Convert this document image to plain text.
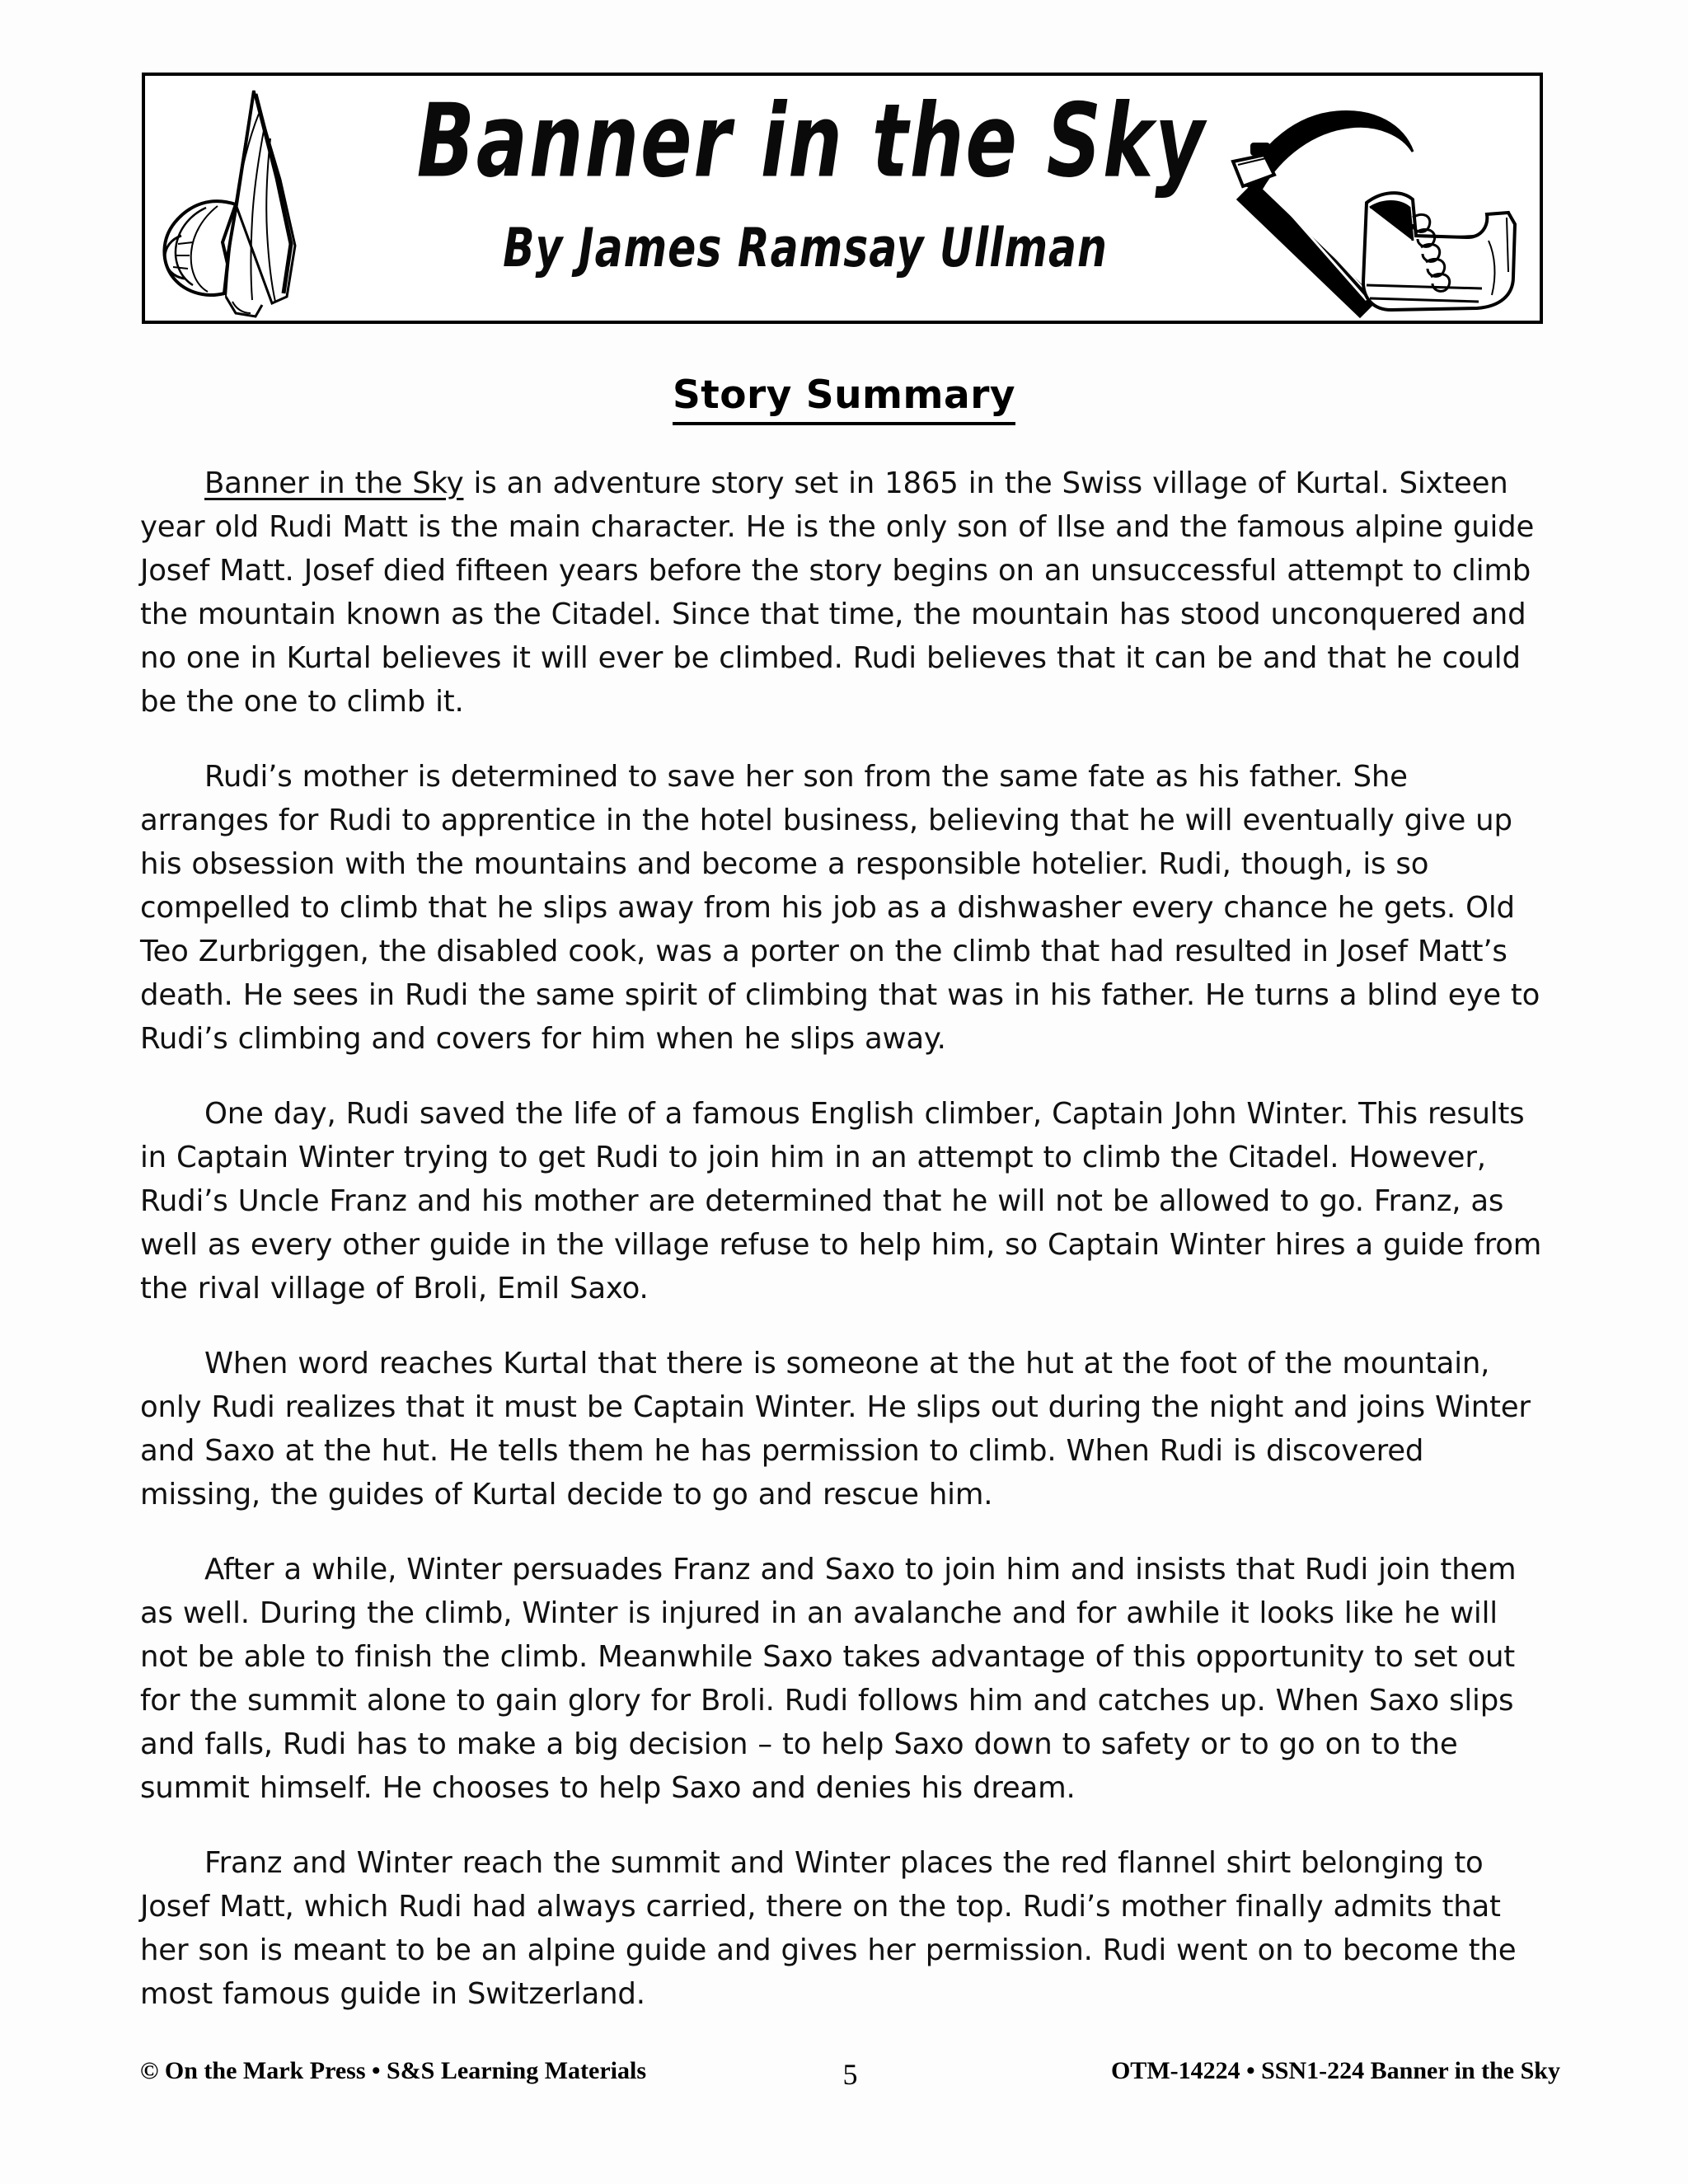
Banner in the Sky
By James Ramsay Ullman
Story Summary

Banner in the Sky is an adventure story set in 1865 in the Swiss village of Kurtal. Sixteen year old Rudi Matt is the main character. He is the only son of Ilse and the famous alpine guide Josef Matt. Josef died fifteen years before the story begins on an unsuccessful attempt to climb the mountain known as the Citadel. Since that time, the mountain has stood unconquered and no one in Kurtal believes it will ever be climbed. Rudi believes that it can be and that he could be the one to climb it.

Rudi’s mother is determined to save her son from the same fate as his father. She arranges for Rudi to apprentice in the hotel business, believing that he will eventually give up his obsession with the mountains and become a responsible hotelier. Rudi, though, is so compelled to climb that he slips away from his job as a dishwasher every chance he gets. Old Teo Zurbriggen, the disabled cook, was a porter on the climb that had resulted in Josef Matt’s death. He sees in Rudi the same spirit of climbing that was in his father. He turns a blind eye to Rudi’s climbing and covers for him when he slips away.

One day, Rudi saved the life of a famous English climber, Captain John Winter. This results in Captain Winter trying to get Rudi to join him in an attempt to climb the Citadel. However, Rudi’s Uncle Franz and his mother are determined that he will not be allowed to go. Franz, as well as every other guide in the village refuse to help him, so Captain Winter hires a guide from the rival village of Broli, Emil Saxo.

When word reaches Kurtal that there is someone at the hut at the foot of the mountain, only Rudi realizes that it must be Captain Winter. He slips out during the night and joins Winter and Saxo at the hut. He tells them he has permission to climb. When Rudi is discovered missing, the guides of Kurtal decide to go and rescue him.

After a while, Winter persuades Franz and Saxo to join him and insists that Rudi join them as well. During the climb, Winter is injured in an avalanche and for awhile it looks like he will not be able to finish the climb. Meanwhile Saxo takes advantage of this opportunity to set out for the summit alone to gain glory for Broli. Rudi follows him and catches up. When Saxo slips and falls, Rudi has to make a big decision – to help Saxo down to safety or to go on to the summit himself. He chooses to help Saxo and denies his dream.

Franz and Winter reach the summit and Winter places the red flannel shirt belonging to Josef Matt, which Rudi had always carried, there on the top. Rudi’s mother finally admits that her son is meant to be an alpine guide and gives her permission. Rudi went on to become the most famous guide in Switzerland.

© On the Mark Press • S&S Learning Materials	5	OTM-14224 • SSN1-224 Banner in the Sky
